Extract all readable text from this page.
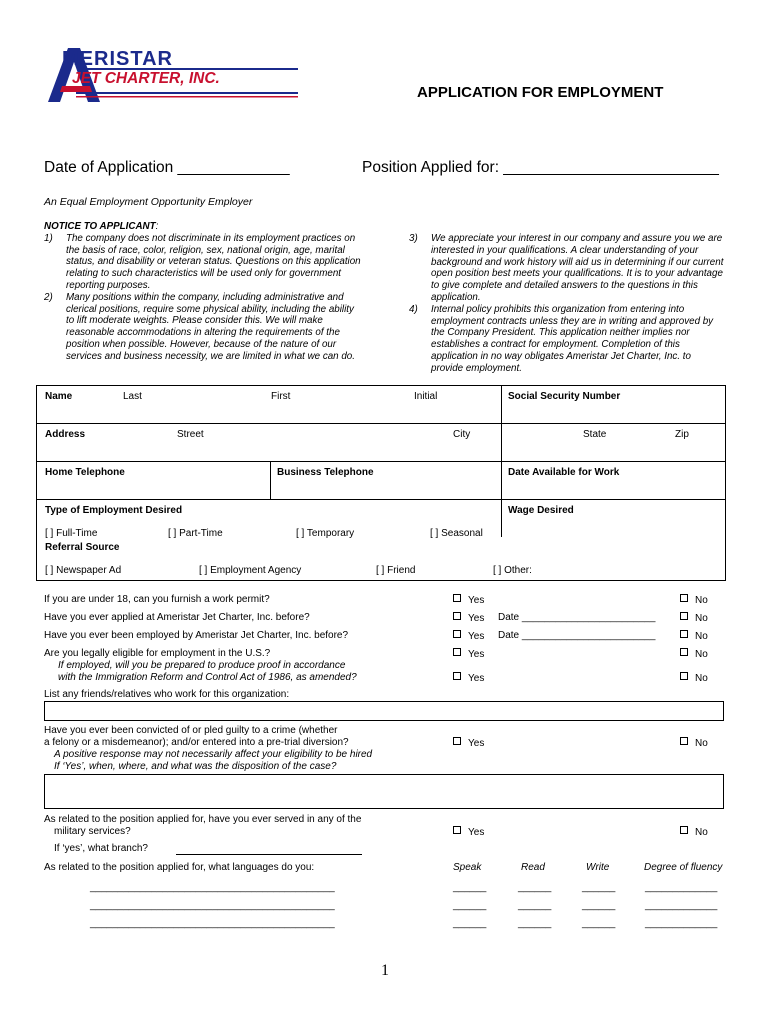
MERISTAR
JET CHARTER, INC.
APPLICATION FOR EMPLOYMENT
Date of Application _____________	Position Applied for: _________________________
An Equal Employment Opportunity Employer
NOTICE TO APPLICANT:
1) The company does not discriminate in its employment practices on the basis of race, color, religion, sex, national origin, age, marital status, and disability or veteran status. Questions on this application relating to such characteristics will be used only for government reporting purposes.
2) Many positions within the company, including administrative and clerical positions, require some physical ability, including the ability to lift moderate weights. Please consider this. We will make reasonable accommodations in altering the requirements of the position when possible. However, because of the nature of our services and business necessity, we are limited in what we can do.
3) We appreciate your interest in our company and assure you we are interested in your qualifications. A clear understanding of your background and work history will aid us in determining if our current open position best meets your qualifications. It is to your advantage to give complete and detailed answers to the questions in this application.
4) Internal policy prohibits this organization from entering into employment contracts unless they are in writing and approved by the Company President. This application neither implies nor establishes a contract for employment. Completion of this application in no way obligates Ameristar Jet Charter, Inc. to provide employment.
Name	Last	First	Initial	Social Security Number
Address	Street	City	State	Zip
Home Telephone	Business Telephone	Date Available for Work
Type of Employment Desired	Wage Desired
[ ] Full-Time	[ ] Part-Time	[ ] Temporary	[ ] Seasonal
Referral Source
[ ] Newspaper Ad	[ ] Employment Agency	[ ] Friend	[ ] Other:
If you are under 18, can you furnish a work permit?	Yes	No
Have you ever applied at Ameristar Jet Charter, Inc. before?	Yes Date ________________________	No
Have you ever been employed by Ameristar Jet Charter, Inc. before?	Yes Date ________________________	No
Are you legally eligible for employment in the U.S.?	Yes	No
If employed, will you be prepared to produce proof in accordance
with the Immigration Reform and Control Act of 1986, as amended?	Yes	No
List any friends/relatives who work for this organization:
Have you ever been convicted of or pled guilty to a crime (whether
a felony or a misdemeanor); and/or entered into a pre-trial diversion?	Yes	No
A positive response may not necessarily affect your eligibility to be hired
If ‘Yes’, when, where, and what was the disposition of the case?
As related to the position applied for, have you ever served in any of the
military services?	Yes	No
If ‘yes’, what branch?
As related to the position applied for, what languages do you:	Speak	Read	Write	Degree of fluency
____________________________________________	______	______	______	_____________
____________________________________________	______	______	______	_____________
____________________________________________	______	______	______	_____________
1
